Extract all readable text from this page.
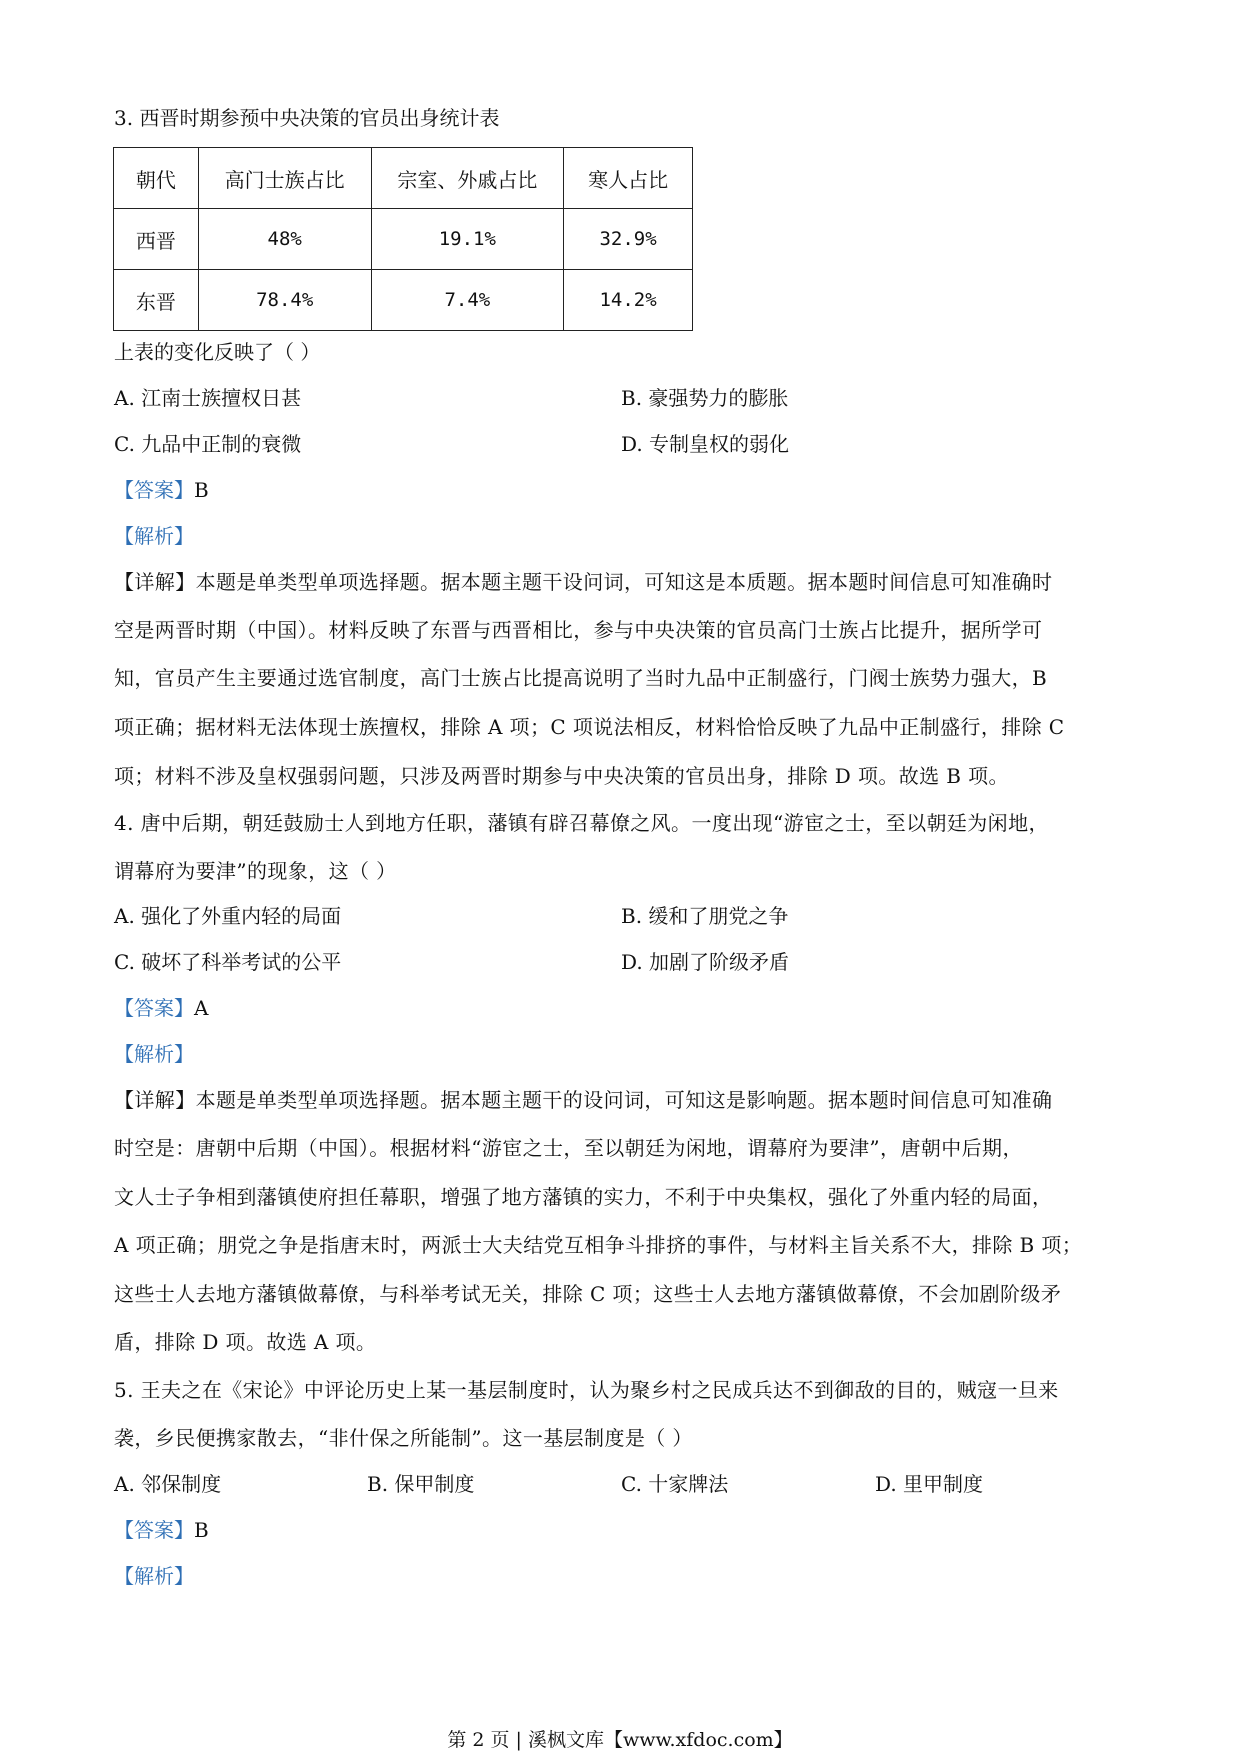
3. 西晋时期参预中央决策的官员出身统计表
朝代	高门士族占比	宗室、外戚占比	寒人占比
西晋	48%	19.1%	32.9%
东晋	78.4%	7.4%	14.2%
上表的变化反映了（ ）
A. 江南士族擅权日甚	B. 豪强势力的膨胀
C. 九品中正制的衰微	D. 专制皇权的弱化
【答案】B
【解析】
【详解】本题是单类型单项选择题。据本题主题干设问词，可知这是本质题。据本题时间信息可知准确时
空是两晋时期（中国）。材料反映了东晋与西晋相比，参与中央决策的官员高门士族占比提升，据所学可
知，官员产生主要通过选官制度，高门士族占比提高说明了当时九品中正制盛行，门阀士族势力强大，B
项正确；据材料无法体现士族擅权，排除 A 项；C 项说法相反，材料恰恰反映了九品中正制盛行，排除 C
项；材料不涉及皇权强弱问题，只涉及两晋时期参与中央决策的官员出身，排除 D 项。故选 B 项。
4. 唐中后期，朝廷鼓励士人到地方任职，藩镇有辟召幕僚之风。一度出现“游宦之士，至以朝廷为闲地，
谓幕府为要津”的现象，这（ ）
A. 强化了外重内轻的局面	B. 缓和了朋党之争
C. 破坏了科举考试的公平	D. 加剧了阶级矛盾
【答案】A
【解析】
【详解】本题是单类型单项选择题。据本题主题干的设问词，可知这是影响题。据本题时间信息可知准确
时空是：唐朝中后期（中国）。根据材料“游宦之士，至以朝廷为闲地，谓幕府为要津”，唐朝中后期，
文人士子争相到藩镇使府担任幕职，增强了地方藩镇的实力，不利于中央集权，强化了外重内轻的局面，
A 项正确；朋党之争是指唐末时，两派士大夫结党互相争斗排挤的事件，与材料主旨关系不大，排除 B 项；
这些士人去地方藩镇做幕僚，与科举考试无关，排除 C 项；这些士人去地方藩镇做幕僚，不会加剧阶级矛
盾，排除 D 项。故选 A 项。
5. 王夫之在《宋论》中评论历史上某一基层制度时，认为聚乡村之民成兵达不到御敌的目的，贼寇一旦来
袭，乡民便携家散去，“非什保之所能制”。这一基层制度是（ ）
A. 邻保制度	B. 保甲制度	C. 十家牌法	D. 里甲制度
【答案】B
【解析】
第 2 页 | 溪枫文库【www.xfdoc.com】
